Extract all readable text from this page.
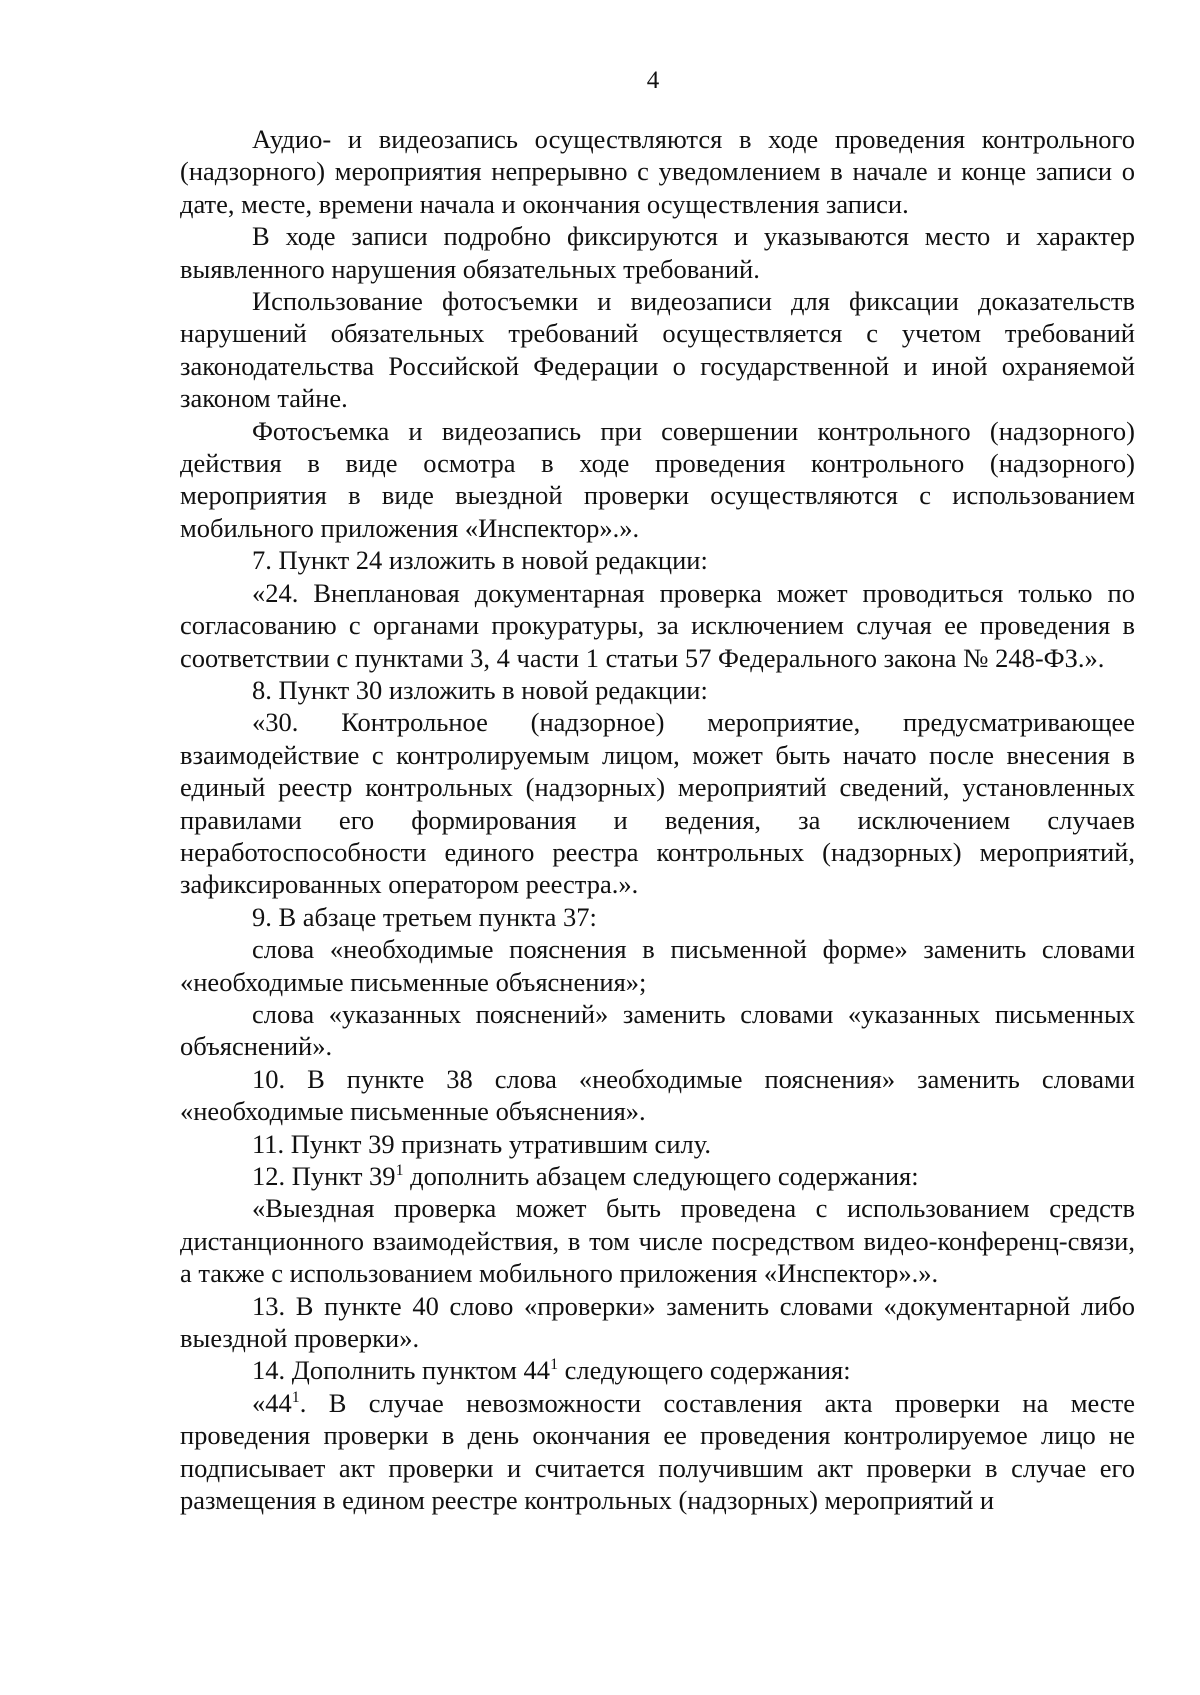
4

Аудио- и видеозапись осуществляются в ходе проведения контрольного (надзорного) мероприятия непрерывно с уведомлением в начале и конце записи о дате, месте, времени начала и окончания осуществления записи.

В ходе записи подробно фиксируются и указываются место и характер выявленного нарушения обязательных требований.

Использование фотосъемки и видеозаписи для фиксации доказательств нарушений обязательных требований осуществляется с учетом требований законодательства Российской Федерации о государственной и иной охраняемой законом тайне.

Фотосъемка и видеозапись при совершении контрольного (надзорного) действия в виде осмотра в ходе проведения контрольного (надзорного) мероприятия в виде выездной проверки осуществляются с использованием мобильного приложения «Инспектор».».

7. Пункт 24 изложить в новой редакции:

«24. Внеплановая документарная проверка может проводиться только по согласованию с органами прокуратуры, за исключением случая ее проведения в соответствии с пунктами 3, 4 части 1 статьи 57 Федерального закона № 248-ФЗ.».

8. Пункт 30 изложить в новой редакции:

«30. Контрольное (надзорное) мероприятие, предусматривающее взаимодействие с контролируемым лицом, может быть начато после внесения в единый реестр контрольных (надзорных) мероприятий сведений, установленных правилами его формирования и ведения, за исключением случаев неработоспособности единого реестра контрольных (надзорных) мероприятий, зафиксированных оператором реестра.».

9. В абзаце третьем пункта 37:

слова «необходимые пояснения в письменной форме» заменить словами «необходимые письменные объяснения»;

слова «указанных пояснений» заменить словами «указанных письменных объяснений».

10. В пункте 38 слова «необходимые пояснения» заменить словами «необходимые письменные объяснения».

11. Пункт 39 признать утратившим силу.

12. Пункт $39^1$ дополнить абзацем следующего содержания:

«Выездная проверка может быть проведена с использованием средств дистанционного взаимодействия, в том числе посредством видео-конференц-связи, а также с использованием мобильного приложения «Инспектор».».

13. В пункте 40 слово «проверки» заменить словами «документарной либо выездной проверки».

14. Дополнить пунктом $44^1$ следующего содержания:

«$44^1$. В случае невозможности составления акта проверки на месте проведения проверки в день окончания ее проведения контролируемое лицо не подписывает акт проверки и считается получившим акт проверки в случае его размещения в едином реестре контрольных (надзорных) мероприятий и
